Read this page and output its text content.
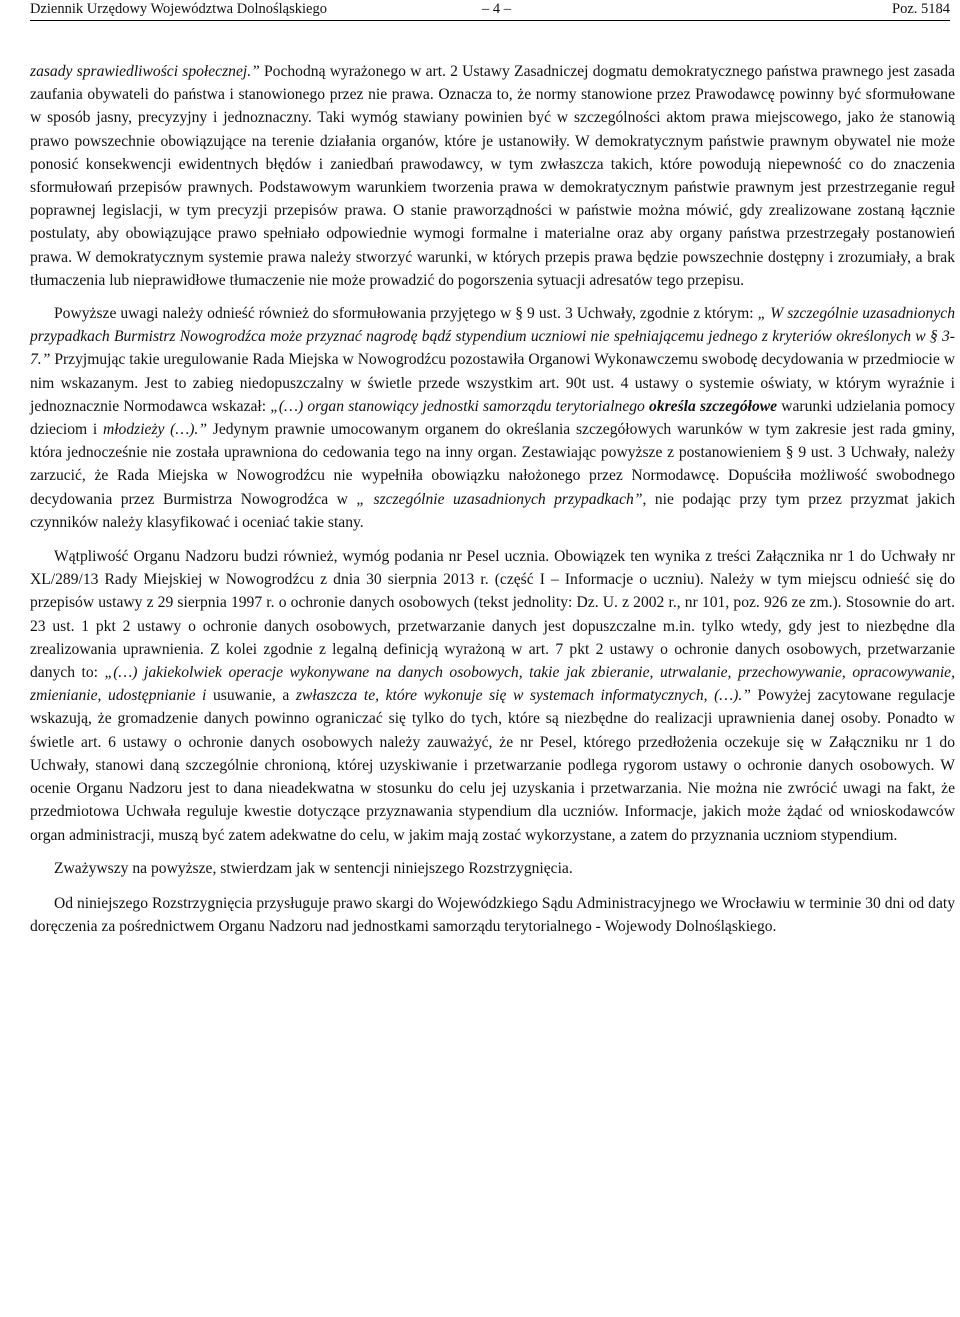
Dziennik Urzędowy Województwa Dolnośląskiego	– 4 –	Poz. 5184

zasady sprawiedliwości społecznej.” Pochodną wyrażonego w art. 2 Ustawy Zasadniczej dogmatu demokratycznego państwa prawnego jest zasada zaufania obywateli do państwa i stanowionego przez nie prawa. Oznacza to, że normy stanowione przez Prawodawcę powinny być sformułowane w sposób jasny, precyzyjny i jednoznaczny. Taki wymóg stawiany powinien być w szczególności aktom prawa miejscowego, jako że stanowią prawo powszechnie obowiązujące na terenie działania organów, które je ustanowiły. W demokratycznym państwie prawnym obywatel nie może ponosić konsekwencji ewidentnych błędów i zaniedbań prawodawcy, w tym zwłaszcza takich, które powodują niepewność co do znaczenia sformułowań przepisów prawnych. Podstawowym warunkiem tworzenia prawa w demokratycznym państwie prawnym jest przestrzeganie reguł poprawnej legislacji, w tym precyzji przepisów prawa. O stanie praworządności w państwie można mówić, gdy zrealizowane zostaną łącznie postulaty, aby obowiązujące prawo spełniało odpowiednie wymogi formalne i materialne oraz aby organy państwa przestrzegały postanowień prawa. W demokratycznym systemie prawa należy stworzyć warunki, w których przepis prawa będzie powszechnie dostępny i zrozumiały, a brak tłumaczenia lub nieprawidłowe tłumaczenie nie może prowadzić do pogorszenia sytuacji adresatów tego przepisu.

Powyższe uwagi należy odnieść również do sformułowania przyjętego w § 9 ust. 3 Uchwały, zgodnie z którym: „ W szczególnie uzasadnionych przypadkach Burmistrz Nowogrodźca może przyznać nagrodę bądź stypendium uczniowi nie spełniającemu jednego z kryteriów określonych w § 3-7.” Przyjmując takie uregulowanie Rada Miejska w Nowogrodźcu pozostawiła Organowi Wykonawczemu swobodę decydowania w przedmiocie w nim wskazanym. Jest to zabieg niedopuszczalny w świetle przede wszystkim art. 90t ust. 4 ustawy o systemie oświaty, w którym wyraźnie i jednoznacznie Normodawca wskazał: „(…) organ stanowiący jednostki samorządu terytorialnego określa szczegółowe warunki udzielania pomocy dzieciom i młodzieży (…).” Jedynym prawnie umocowanym organem do określania szczegółowych warunków w tym zakresie jest rada gminy, która jednocześnie nie została uprawniona do cedowania tego na inny organ. Zestawiając powyższe z postanowieniem § 9 ust. 3 Uchwały, należy zarzucić, że Rada Miejska w Nowogrodźcu nie wypełniła obowiązku nałożonego przez Normodawcę. Dopuściła możliwość swobodnego decydowania przez Burmistrza Nowogrodźca w „ szczególnie uzasadnionych przypadkach”, nie podając przy tym przez przyzmat jakich czynników należy klasyfikować i oceniać takie stany.

Wątpliwość Organu Nadzoru budzi również, wymóg podania nr Pesel ucznia. Obowiązek ten wynika z treści Załącznika nr 1 do Uchwały nr XL/289/13 Rady Miejskiej w Nowogrodźcu z dnia 30 sierpnia 2013 r. (część I – Informacje o uczniu). Należy w tym miejscu odnieść się do przepisów ustawy z 29 sierpnia 1997 r. o ochronie danych osobowych (tekst jednolity: Dz. U. z 2002 r., nr 101, poz. 926 ze zm.). Stosownie do art. 23 ust. 1 pkt 2 ustawy o ochronie danych osobowych, przetwarzanie danych jest dopuszczalne m.in. tylko wtedy, gdy jest to niezbędne dla zrealizowania uprawnienia. Z kolei zgodnie z legalną definicją wyrażoną w art. 7 pkt 2 ustawy o ochronie danych osobowych, przetwarzanie danych to: „(…) jakiekolwiek operacje wykonywane na danych osobowych, takie jak zbieranie, utrwalanie, przechowywanie, opracowywanie, zmienianie, udostępnianie i usuwanie, a zwłaszcza te, które wykonuje się w systemach informatycznych, (…).” Powyżej zacytowane regulacje wskazują, że gromadzenie danych powinno ograniczać się tylko do tych, które są niezbędne do realizacji uprawnienia danej osoby. Ponadto w świetle art. 6 ustawy o ochronie danych osobowych należy zauważyć, że nr Pesel, którego przedłożenia oczekuje się w Załączniku nr 1 do Uchwały, stanowi daną szczególnie chronioną, której uzyskiwanie i przetwarzanie podlega rygorom ustawy o ochronie danych osobowych. W ocenie Organu Nadzoru jest to dana nieadekwatna w stosunku do celu jej uzyskania i przetwarzania. Nie można nie zwrócić uwagi na fakt, że przedmiotowa Uchwała reguluje kwestie dotyczące przyznawania stypendium dla uczniów. Informacje, jakich może żądać od wnioskodawców organ administracji, muszą być zatem adekwatne do celu, w jakim mają zostać wykorzystane, a zatem do przyznania uczniom stypendium.

Zważywszy na powyższe, stwierdzam jak w sentencji niniejszego Rozstrzygnięcia.

Od niniejszego Rozstrzygnięcia przysługuje prawo skargi do Wojewódzkiego Sądu Administracyjnego we Wrocławiu w terminie 30 dni od daty doręczenia za pośrednictwem Organu Nadzoru nad jednostkami samorządu terytorialnego - Wojewody Dolnośląskiego.
